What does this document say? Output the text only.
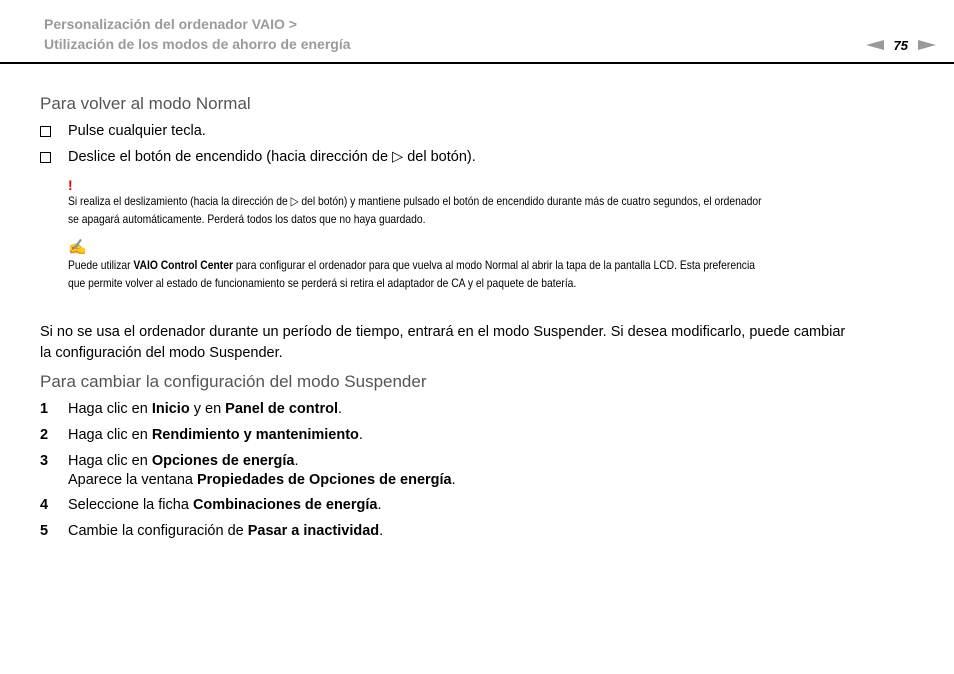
Personalización del ordenador VAIO >
Utilización de los modos de ahorro de energía	75
Para volver al modo Normal
Pulse cualquier tecla.
Deslice el botón de encendido (hacia dirección de ▷ del botón).
!
Si realiza el deslizamiento (hacia la dirección de ▷ del botón) y mantiene pulsado el botón de encendido durante más de cuatro segundos, el ordenador
se apagará automáticamente. Perderá todos los datos que no haya guardado.
✍
Puede utilizar VAIO Control Center para configurar el ordenador para que vuelva al modo Normal al abrir la tapa de la pantalla LCD. Esta preferencia
que permite volver al estado de funcionamiento se perderá si retira el adaptador de CA y el paquete de batería.
Si no se usa el ordenador durante un período de tiempo, entrará en el modo Suspender. Si desea modificarlo, puede cambiar
la configuración del modo Suspender.
Para cambiar la configuración del modo Suspender
1 Haga clic en Inicio y en Panel de control.
2 Haga clic en Rendimiento y mantenimiento.
3 Haga clic en Opciones de energía.
Aparece la ventana Propiedades de Opciones de energía.
4 Seleccione la ficha Combinaciones de energía.
5 Cambie la configuración de Pasar a inactividad.
